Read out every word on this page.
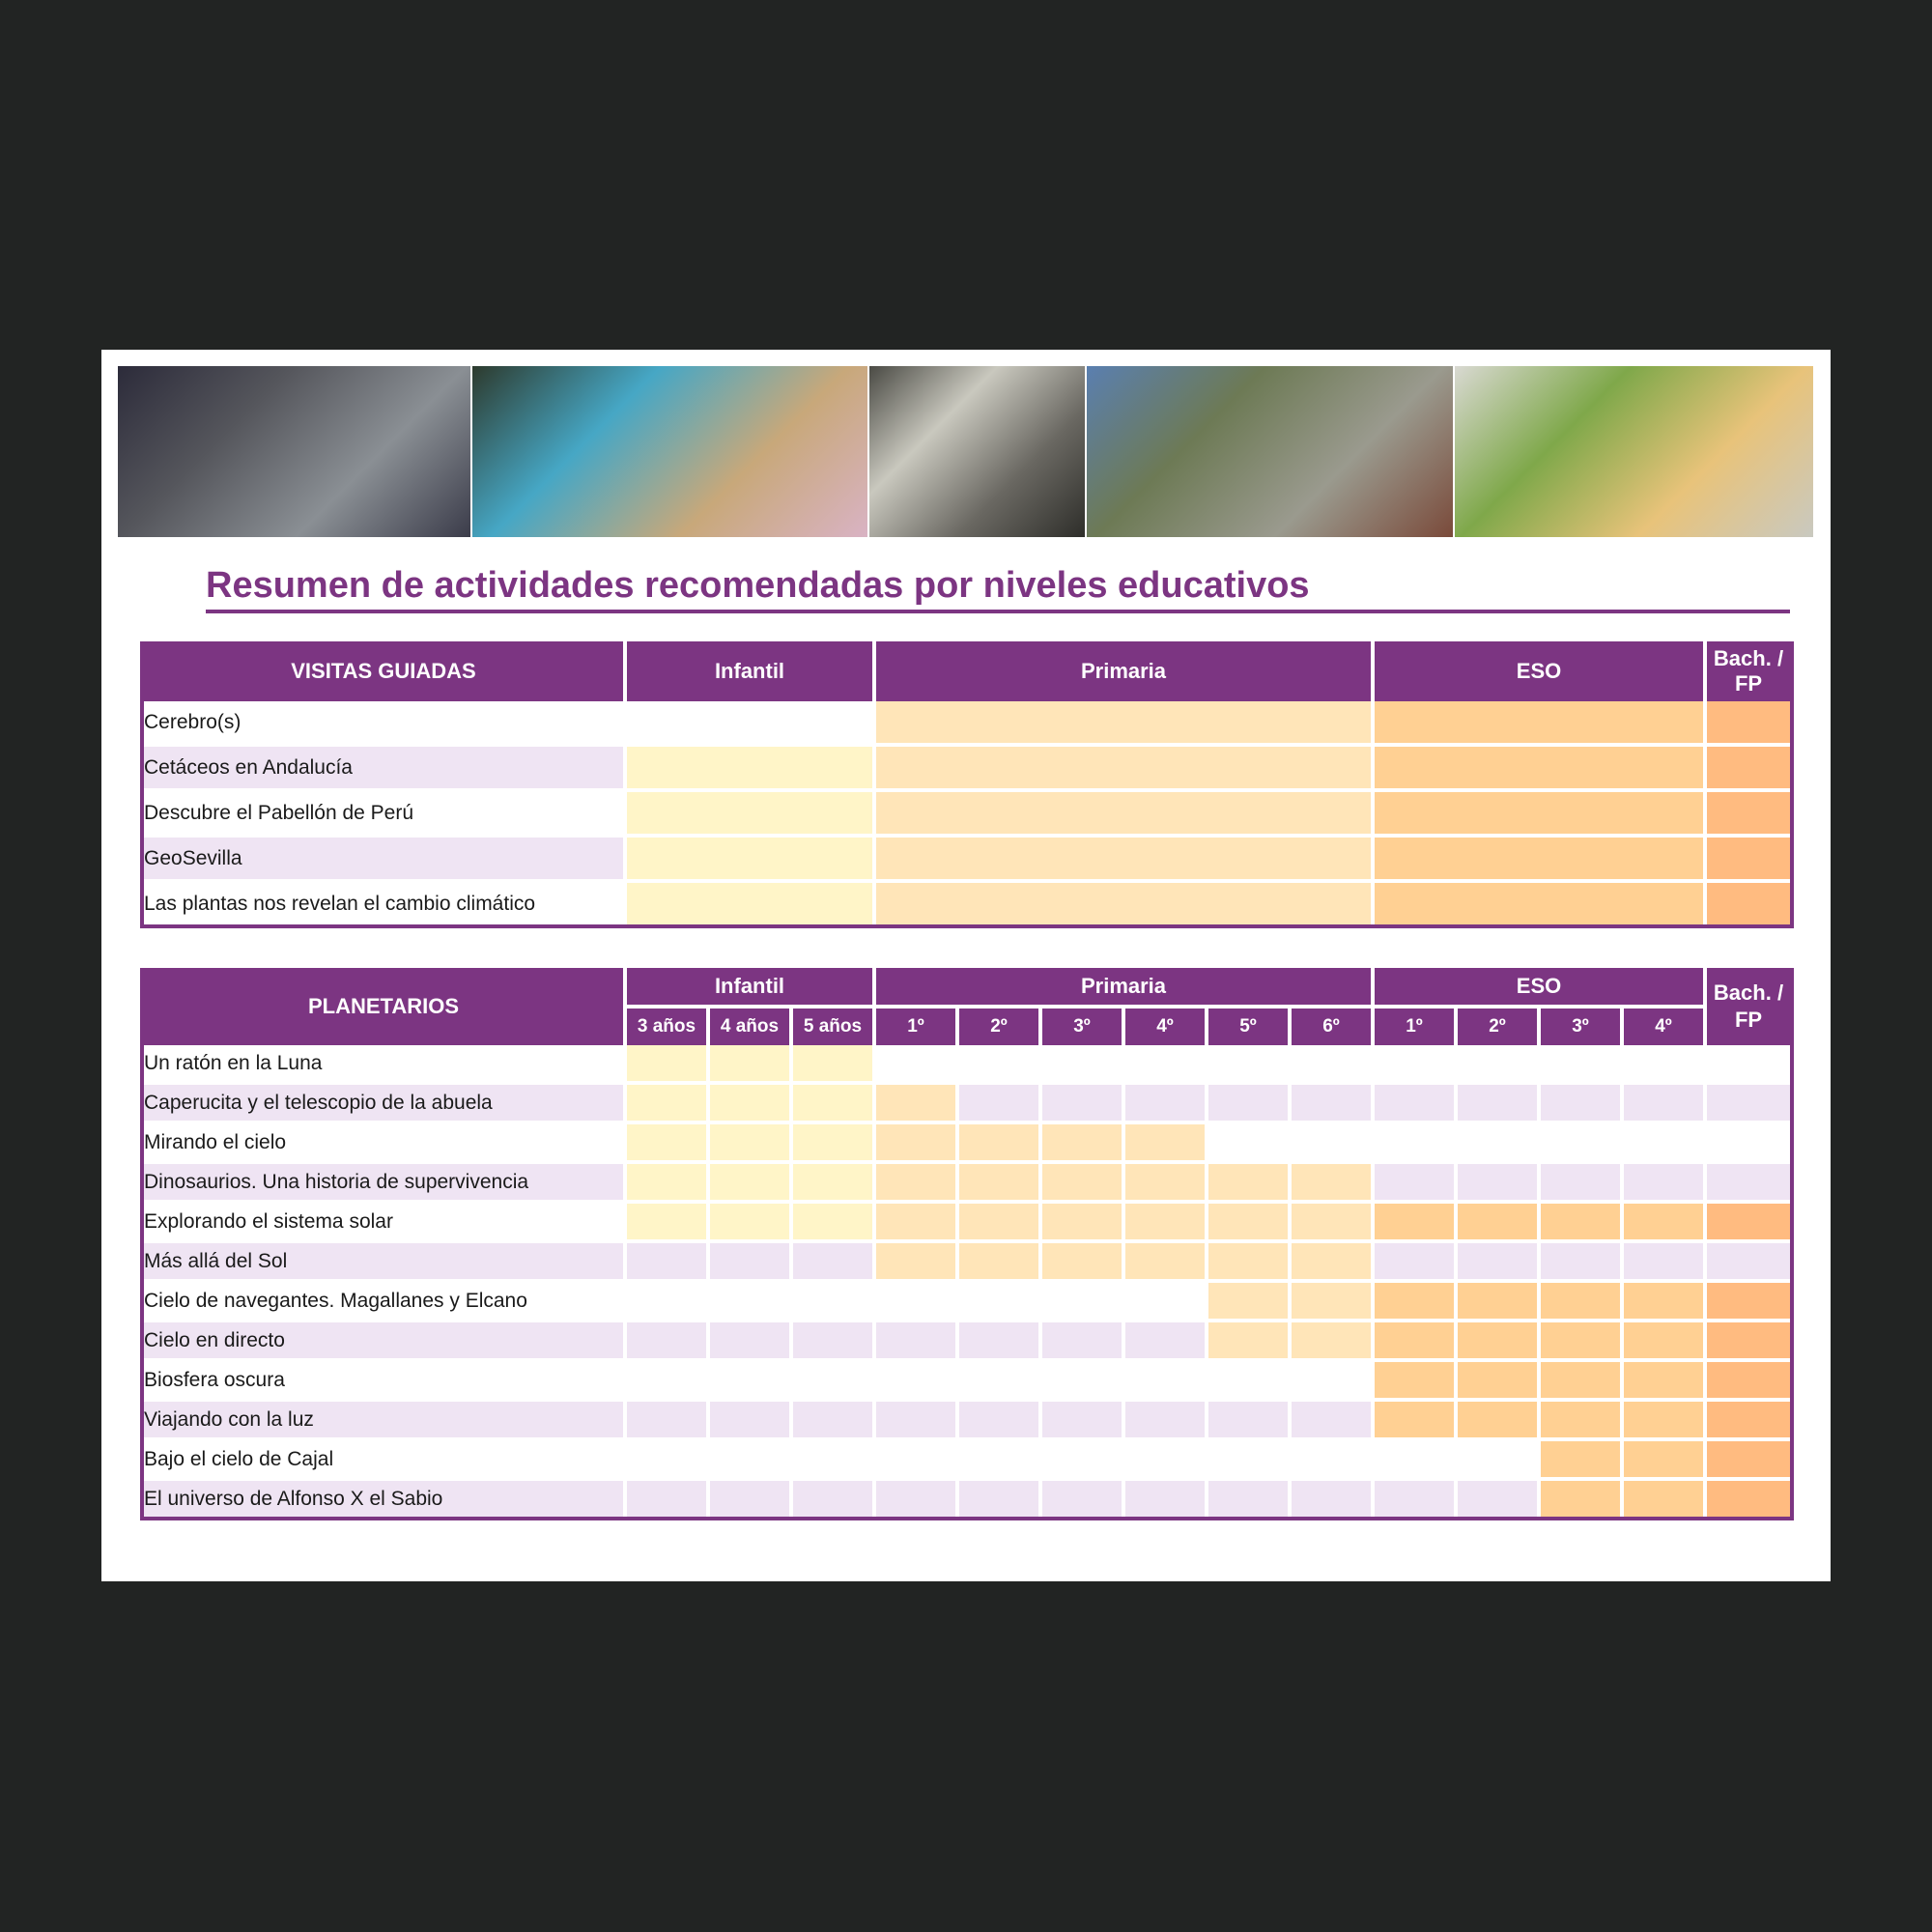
Resumen de actividades recomendadas por niveles educativos
VISITAS GUIADAS	Infantil	Primaria	ESO	Bach. / FP
Cerebro(s)				
Cetáceos en Andalucía				
Descubre el Pabellón de Perú				
GeoSevilla				
Las plantas nos revelan el cambio climático				
PLANETARIOS	Infantil			Primaria						ESO				Bach. / FP
	3 años	4 años	5 años	1º	2º	3º	4º	5º	6º	1º	2º	3º	4º	
Un ratón en la Luna														
Caperucita y el telescopio de la abuela														
Mirando el cielo														
Dinosaurios. Una historia de supervivencia														
Explorando el sistema solar														
Más allá del Sol														
Cielo de navegantes. Magallanes y Elcano														
Cielo en directo														
Biosfera oscura														
Viajando con la luz														
Bajo el cielo de Cajal														
El universo de Alfonso X el Sabio														
